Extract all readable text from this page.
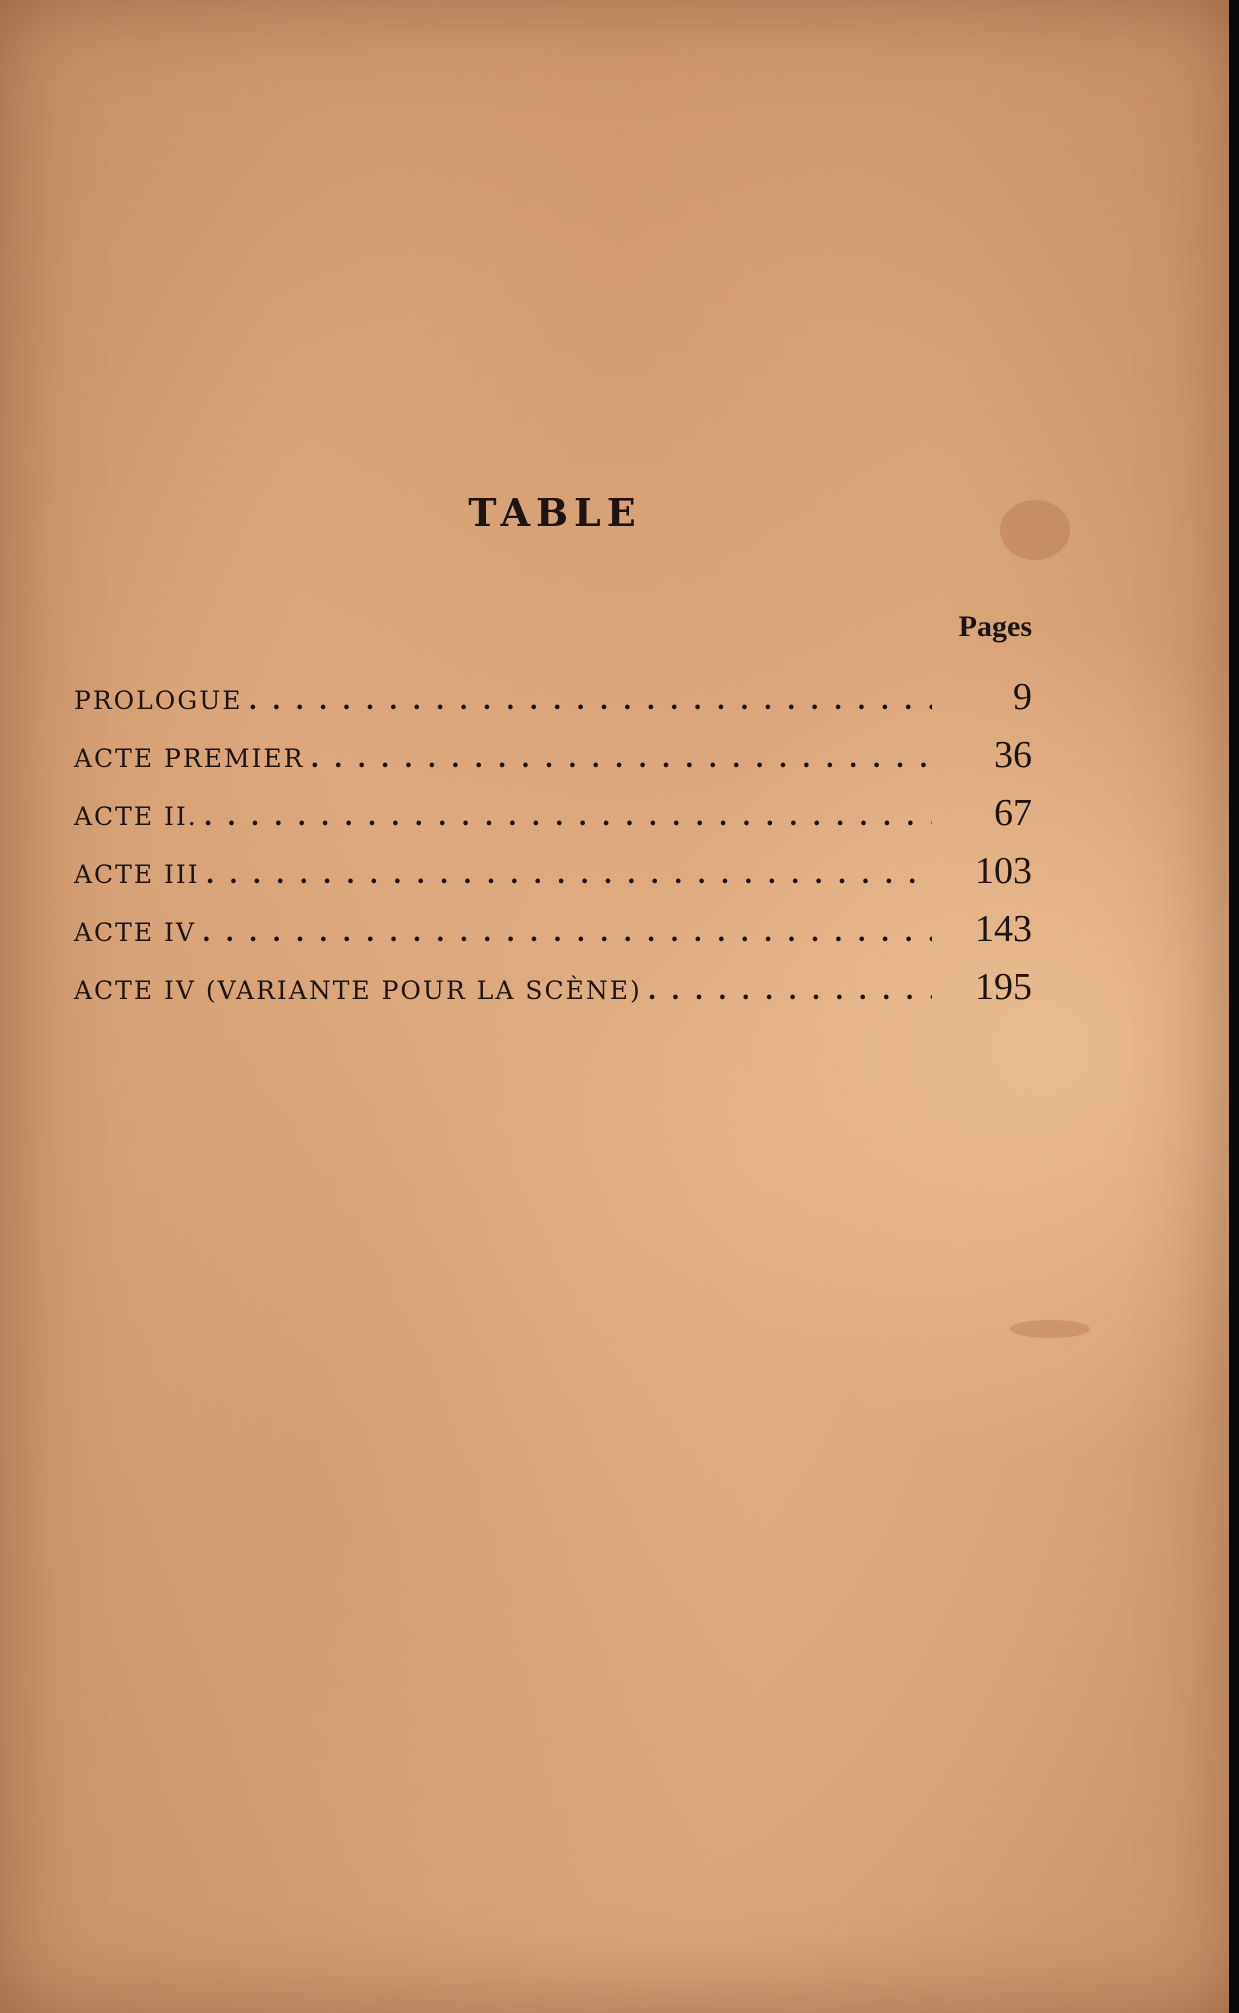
TABLE
Pages
PROLOGUE . . .	9
ACTE PREMIER . . .	36
ACTE II. . . .	67
ACTE III . . .	103
ACTE IV . . .	143
ACTE IV (VARIANTE POUR LA SCÈNE) . . .	195
